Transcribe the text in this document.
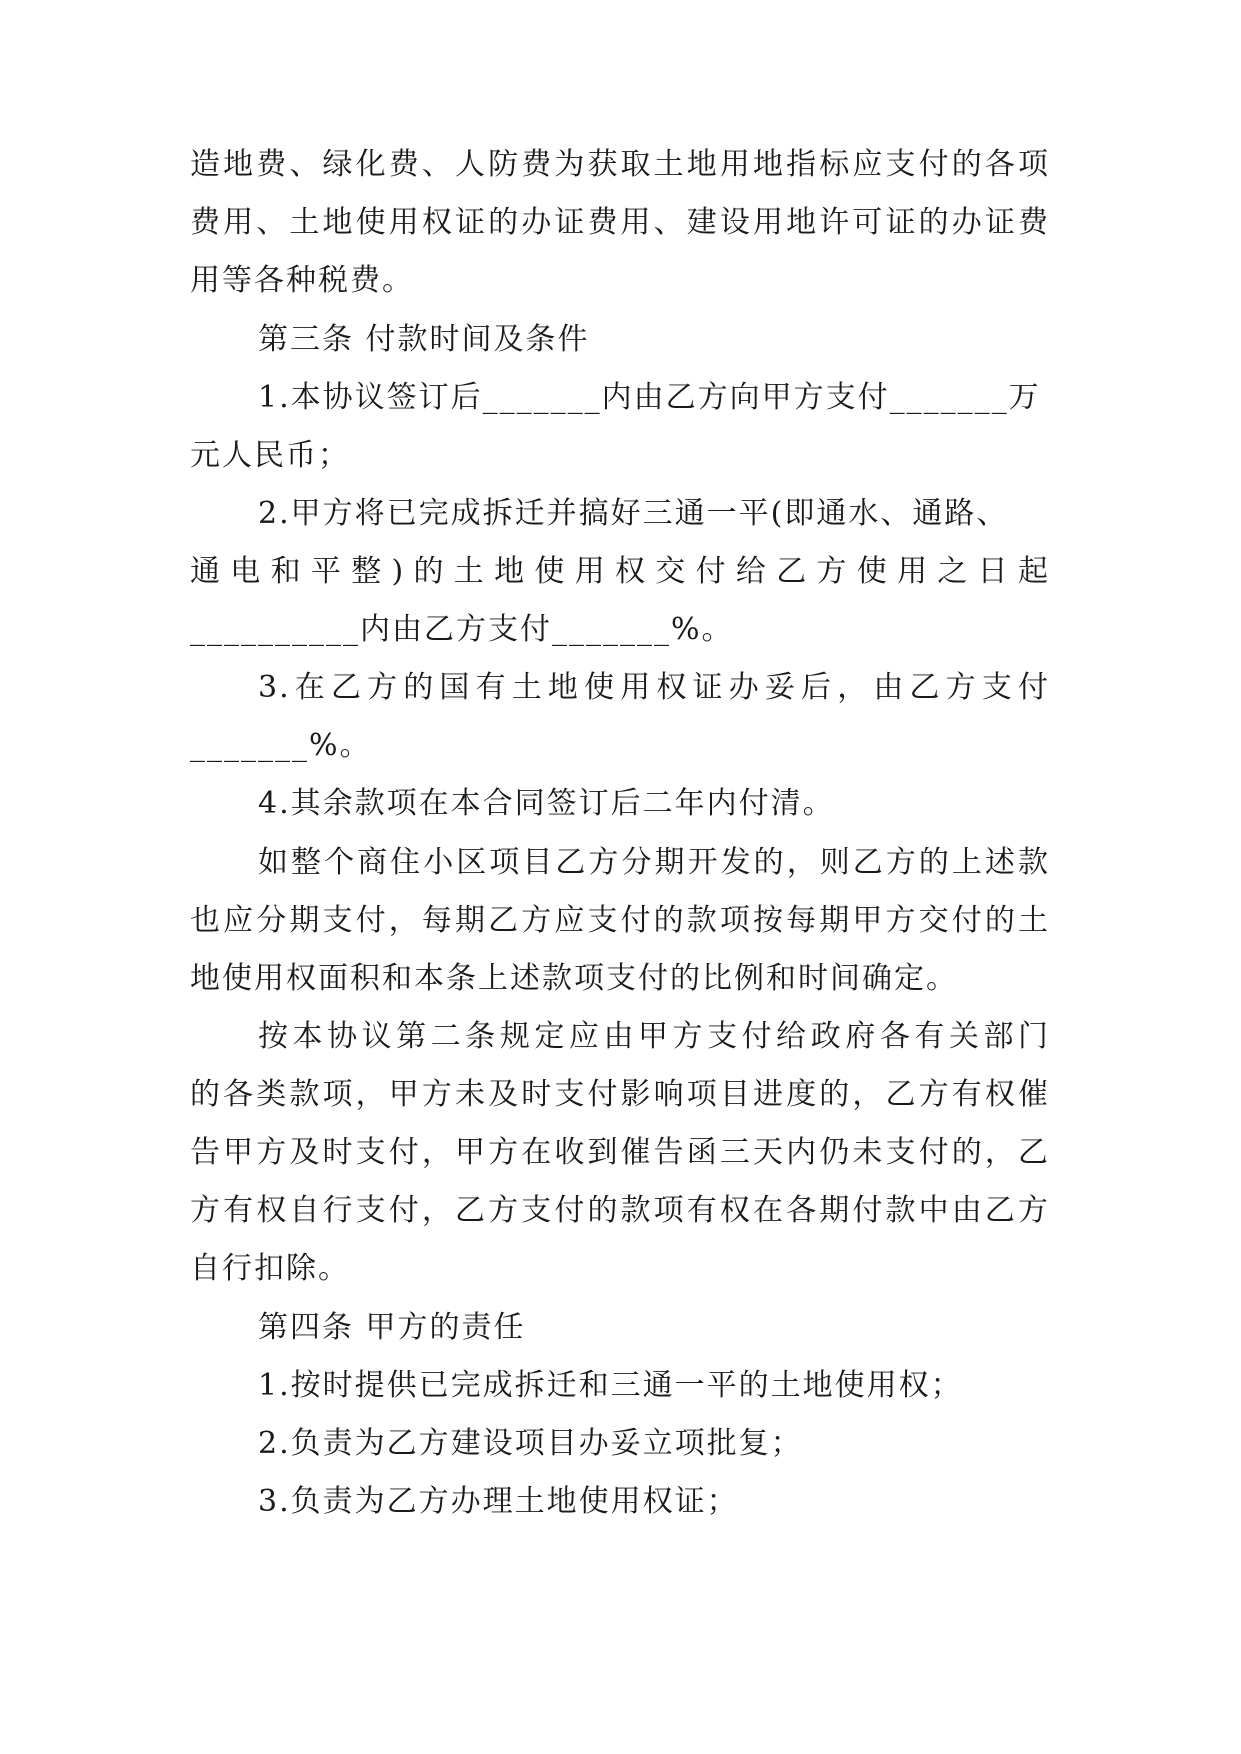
造地费、绿化费、人防费为获取土地用地指标应支付的各项
费用、土地使用权证的办证费用、建设用地许可证的办证费
用等各种税费。
第三条 付款时间及条件
1.本协议签订后_______内由乙方向甲方支付_______万
元人民币；
2.甲方将已完成拆迁并搞好三通一平(即通水、通路、
通电和平整)的土地使用权交付给乙方使用之日起
__________内由乙方支付_______%。
3.在乙方的国有土地使用权证办妥后，由乙方支付
_______%。
4.其余款项在本合同签订后二年内付清。
如整个商住小区项目乙方分期开发的，则乙方的上述款
也应分期支付，每期乙方应支付的款项按每期甲方交付的土
地使用权面积和本条上述款项支付的比例和时间确定。
按本协议第二条规定应由甲方支付给政府各有关部门
的各类款项，甲方未及时支付影响项目进度的，乙方有权催
告甲方及时支付，甲方在收到催告函三天内仍未支付的，乙
方有权自行支付，乙方支付的款项有权在各期付款中由乙方
自行扣除。
第四条 甲方的责任
1.按时提供已完成拆迁和三通一平的土地使用权；
2.负责为乙方建设项目办妥立项批复；
3.负责为乙方办理土地使用权证；
